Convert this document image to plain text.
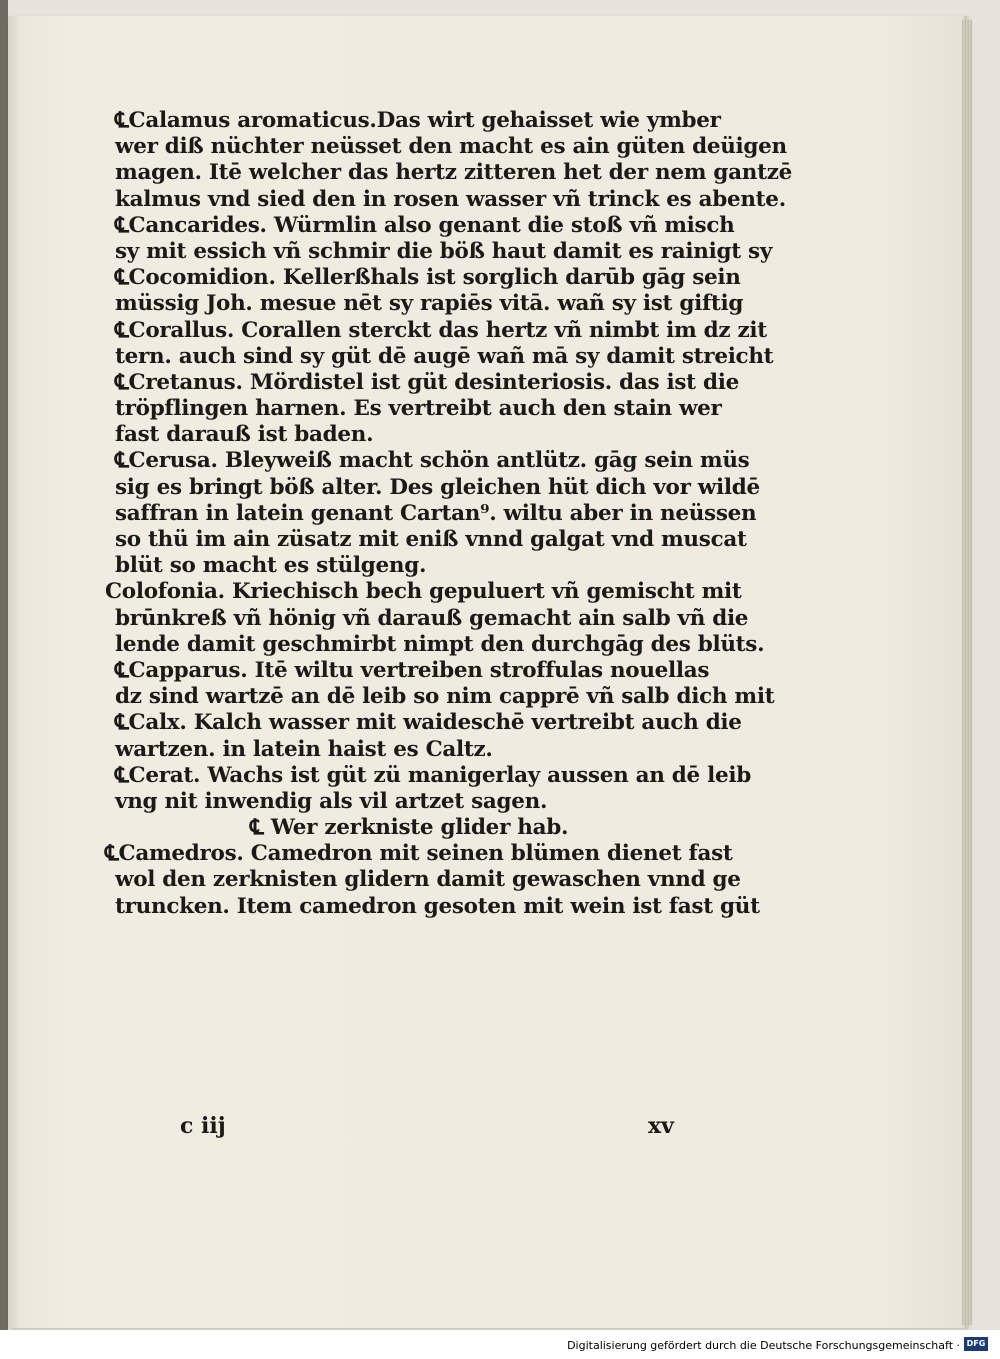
℄Calamus aromaticus.Das wirt gehaisset wie ymber
wer diß nüchter neüsset den macht es ain güten deüigen
magen. Itē welcher das hertz zitteren het der nem gantzē
kalmus vnd sied den in rosen wasser vñ trinck es abente.
℄Cancarides. Würmlin also genant die stoß vñ misch
sy mit essich vñ schmir die böß haut damit es rainigt sy
℄Cocomidion. Kellerßhals ist sorglich darūb gāg sein
müssig Joh. mesue nēt sy rapiēs vitā. wañ sy ist giftig
℄Corallus. Corallen sterckt das hertz vñ nimbt im dz zit
tern. auch sind sy güt dē augē wañ mā sy damit streicht
℄Cretanus. Mördistel ist güt desinteriosis. das ist die
tröpflingen harnen. Es vertreibt auch den stain wer
fast darauß ist baden.
℄Cerusa. Bleyweiß macht schön antlütz. gāg sein müs
sig es bringt böß alter. Des gleichen hüt dich vor wildē
saffran in latein genant Cartan⁹. wiltu aber in neüssen
so thü im ain züsatz mit eniß vnnd galgat vnd muscat
blüt so macht es stülgeng.
Colofonia. Kriechisch bech gepuluert vñ gemischt mit
brūnkreß vñ hönig vñ darauß gemacht ain salb vñ die
lende damit geschmirbt nimpt den durchgāg des blüts.
℄Capparus. Itē wiltu vertreiben stroffulas nouellas
dz sind wartzē an dē leib so nim capprē vñ salb dich mit
℄Calx. Kalch wasser mit waideschē vertreibt auch die
wartzen. in latein haist es Caltz.
℄Cerat. Wachs ist güt zü manigerlay aussen an dē leib
vng nit inwendig als vil artzet sagen.
℄ Wer zerkniste glider hab.
℄Camedros. Camedron mit seinen blümen dienet fast
wol den zerknisten glidern damit gewaschen vnnd ge
truncken. Item camedron gesoten mit wein ist fast güt
c iij	xv
Digitalisierung gefördert durch die Deutsche Forschungsgemeinschaft · DFG
